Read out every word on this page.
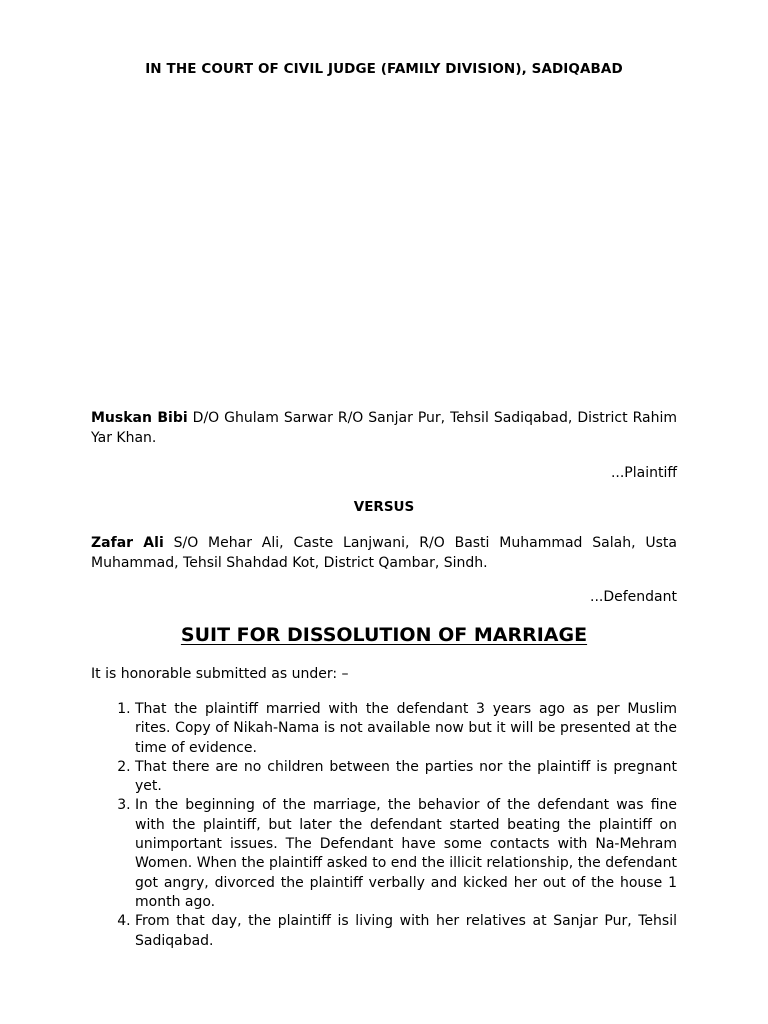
IN THE COURT OF CIVIL JUDGE (FAMILY DIVISION), SADIQABAD
Muskan Bibi D/O Ghulam Sarwar R/O Sanjar Pur, Tehsil Sadiqabad, District Rahim Yar Khan.
...Plaintiff
VERSUS
Zafar Ali S/O Mehar Ali, Caste Lanjwani, R/O Basti Muhammad Salah, Usta Muhammad, Tehsil Shahdad Kot, District Qambar, Sindh.
...Defendant
SUIT FOR DISSOLUTION OF MARRIAGE
It is honorable submitted as under: –
1. That the plaintiff married with the defendant 3 years ago as per Muslim rites. Copy of Nikah-Nama is not available now but it will be presented at the time of evidence.
2. That there are no children between the parties nor the plaintiff is pregnant yet.
3. In the beginning of the marriage, the behavior of the defendant was fine with the plaintiff, but later the defendant started beating the plaintiff on unimportant issues. The Defendant have some contacts with Na-Mehram Women. When the plaintiff asked to end the illicit relationship, the defendant got angry, divorced the plaintiff verbally and kicked her out of the house 1 month ago.
4. From that day, the plaintiff is living with her relatives at Sanjar Pur, Tehsil Sadiqabad.
